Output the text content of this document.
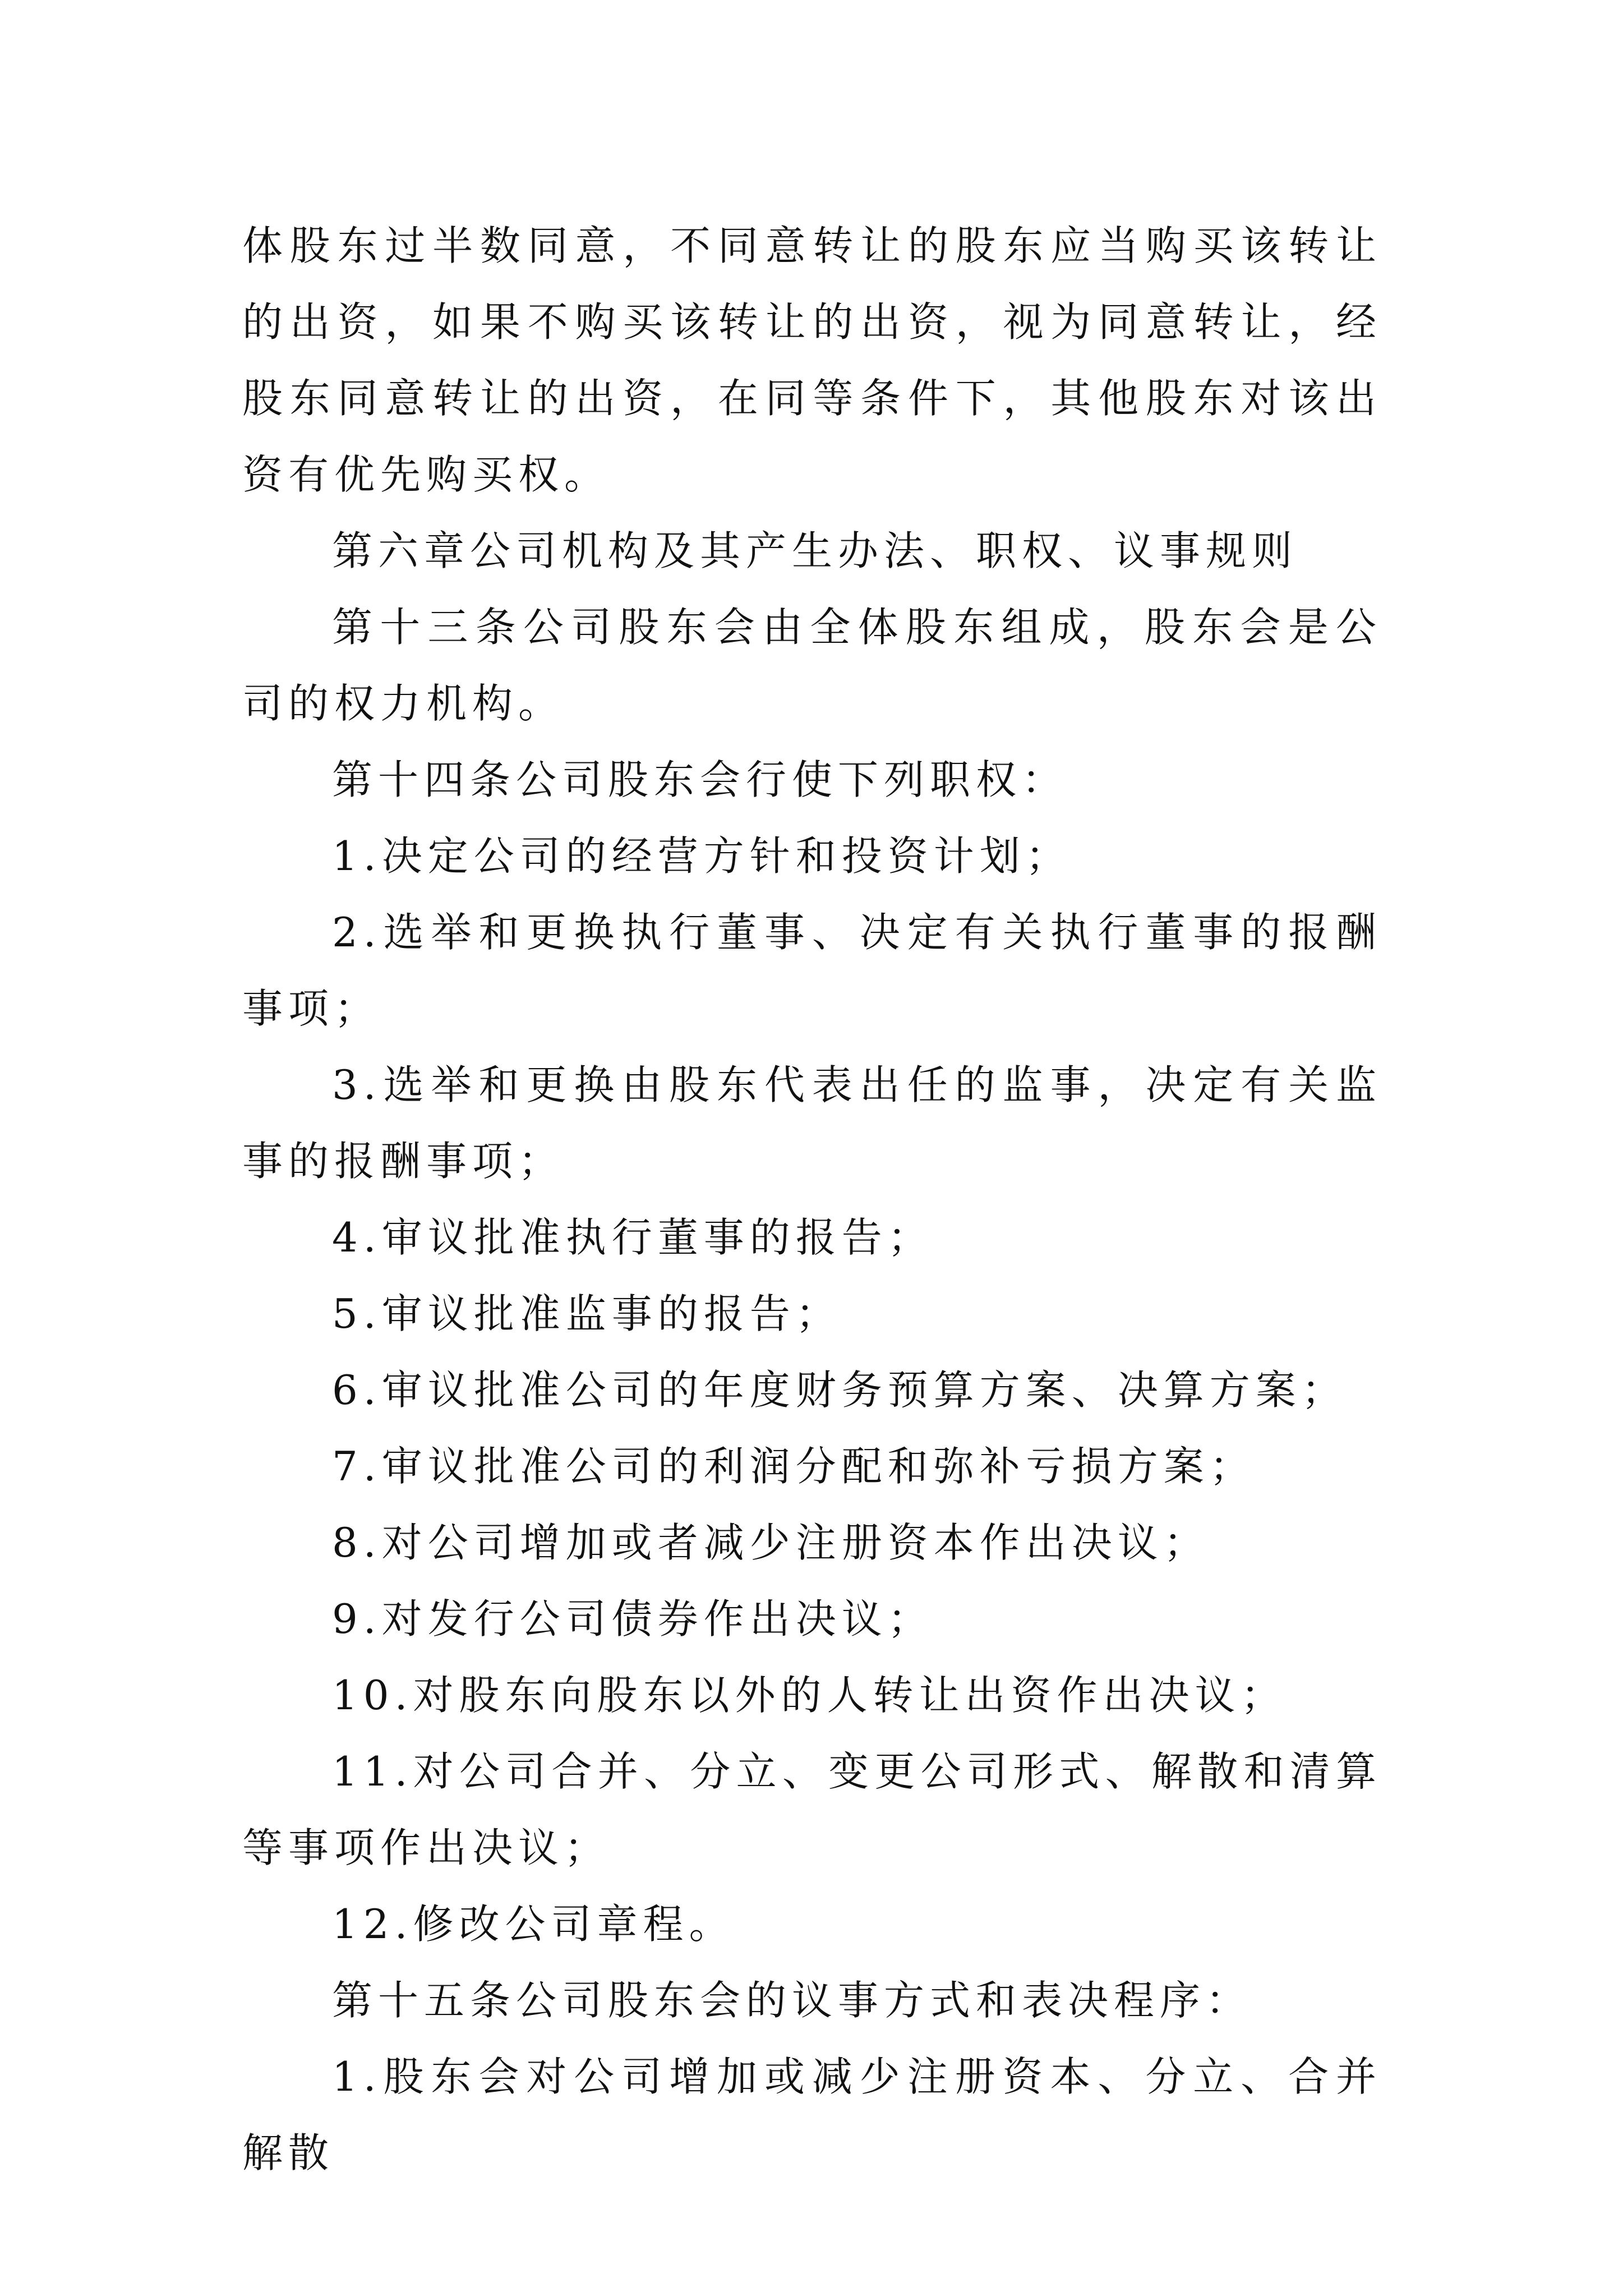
体股东过半数同意，不同意转让的股东应当购买该转让的出资，如果不购买该转让的出资，视为同意转让，经股东同意转让的出资，在同等条件下，其他股东对该出资有优先购买权。

第六章公司机构及其产生办法、职权、议事规则

第十三条公司股东会由全体股东组成，股东会是公司的权力机构。

第十四条公司股东会行使下列职权：

1.决定公司的经营方针和投资计划；

2.选举和更换执行董事、决定有关执行董事的报酬事项；

3.选举和更换由股东代表出任的监事，决定有关监事的报酬事项；

4.审议批准执行董事的报告；

5.审议批准监事的报告；

6.审议批准公司的年度财务预算方案、决算方案；

7.审议批准公司的利润分配和弥补亏损方案；

8.对公司增加或者减少注册资本作出决议；

9.对发行公司债券作出决议；

10.对股东向股东以外的人转让出资作出决议；

11.对公司合并、分立、变更公司形式、解散和清算等事项作出决议；

12.修改公司章程。

第十五条公司股东会的议事方式和表决程序：

1.股东会对公司增加或减少注册资本、分立、合并解散
